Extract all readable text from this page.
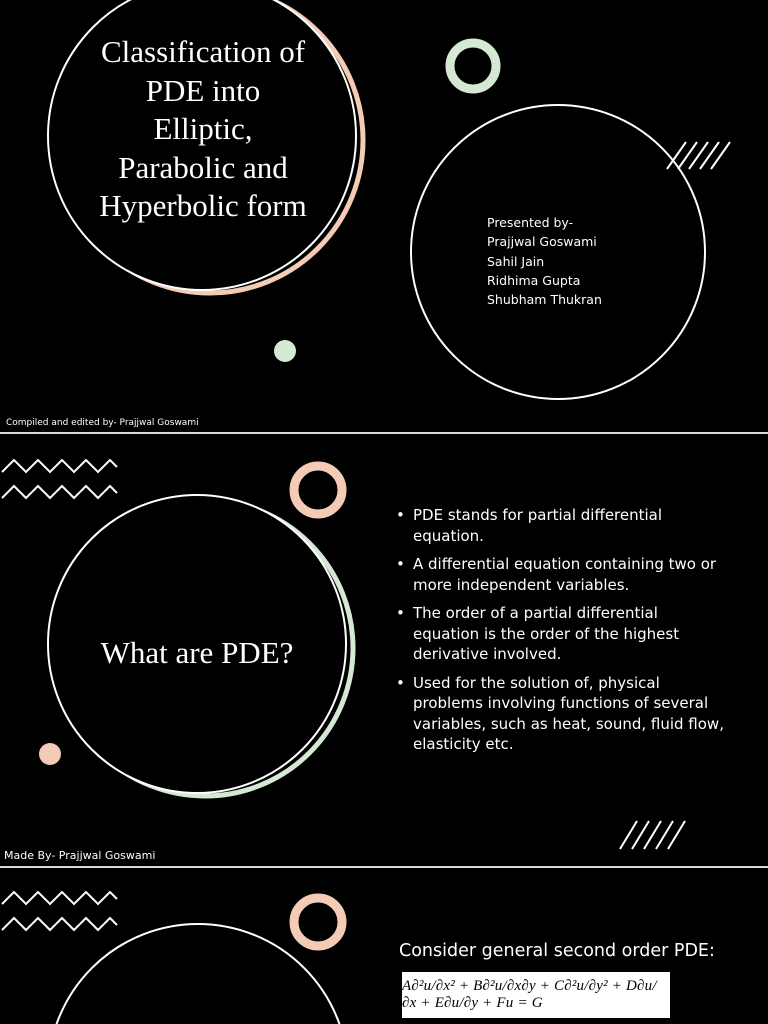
Classification of
PDE into
Elliptic,
Parabolic and
Hyperbolic form	Presented by-
Prajjwal Goswami
Sahil Jain
Ridhima Gupta
Shubham Thukran
Compiled and edited by- Prajjwal Goswami
What are PDE?
Made By- Prajjwal Goswami
• PDE stands for partial differential equation.
• A differential equation containing two or more independent variables.
• The order of a partial differential equation is the order of the highest derivative involved.
• Used for the solution of, physical problems involving functions of several variables, such as heat, sound, fluid flow, elasticity etc.
Consider general second order PDE:
A∂²u/∂x² + B∂²u/∂x∂y + C∂²u/∂y² + D∂u/∂x + E∂u/∂y + Fu = G
